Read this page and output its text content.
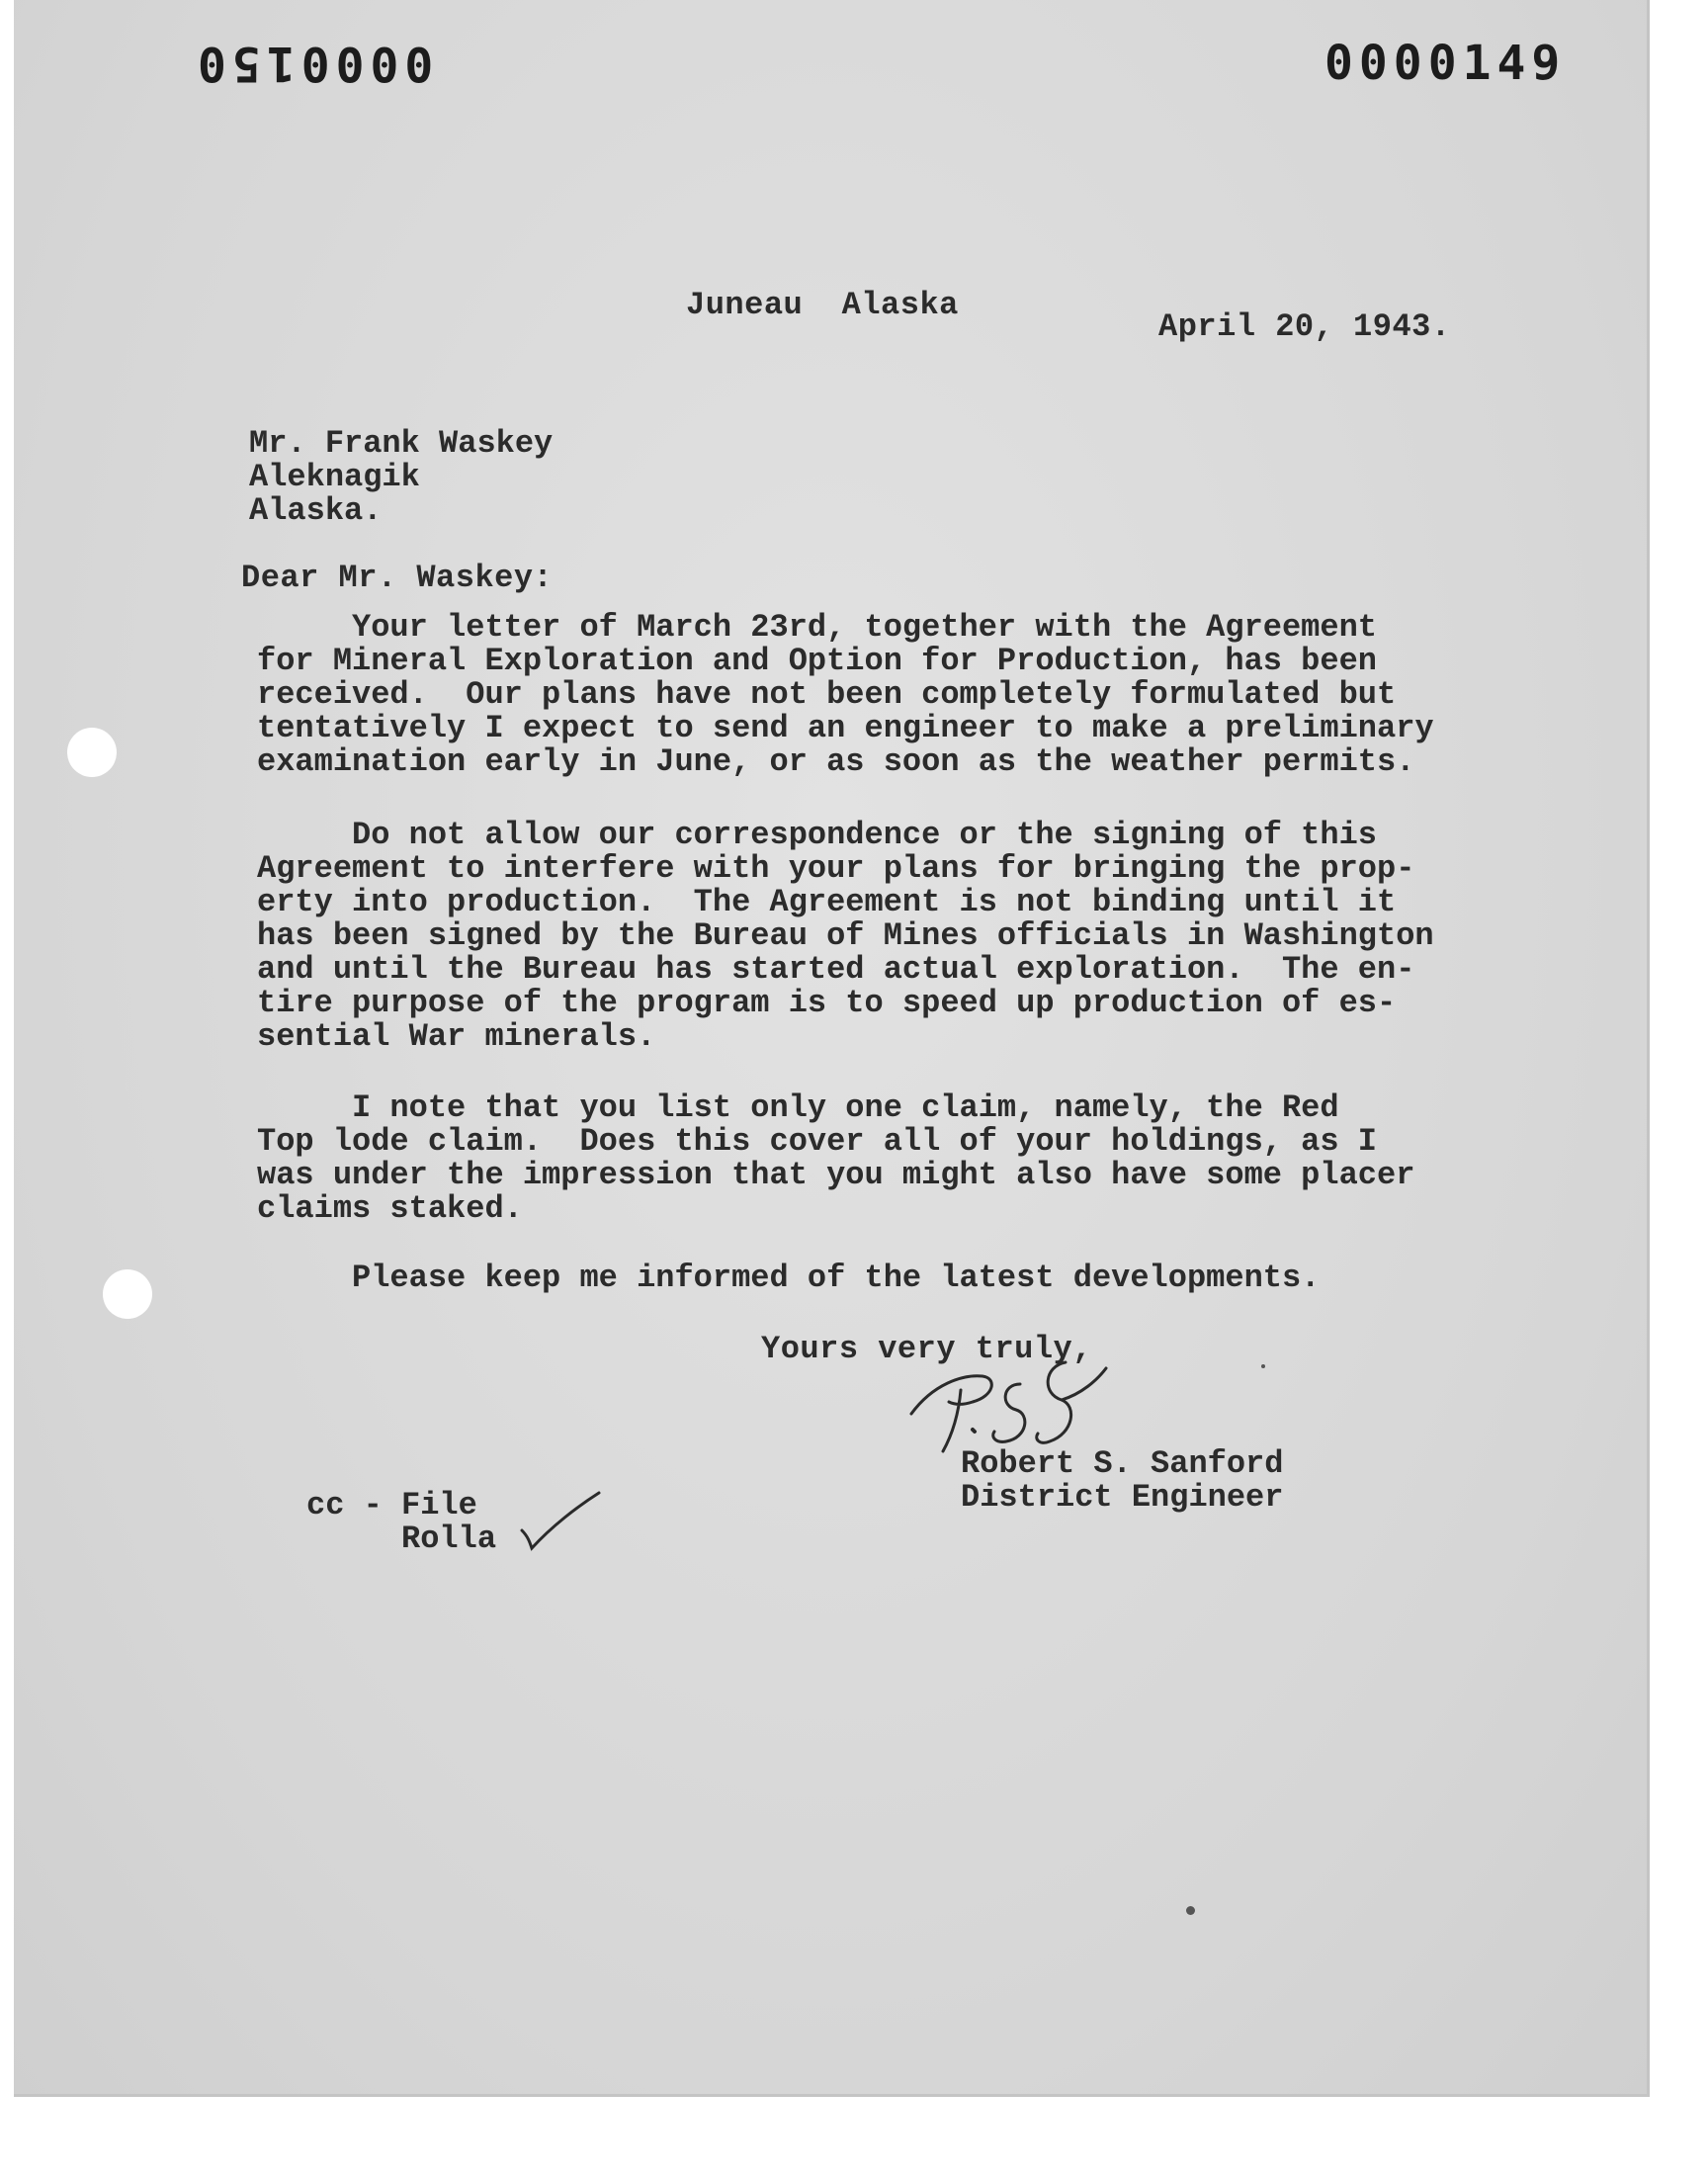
0000150	0000149
Juneau  Alaska
April 20, 1943.
Mr. Frank Waskey
Aleknagik
Alaska.
Dear Mr. Waskey:
Your letter of March 23rd, together with the Agreement
for Mineral Exploration and Option for Production, has been
received.  Our plans have not been completely formulated but
tentatively I expect to send an engineer to make a preliminary
examination early in June, or as soon as the weather permits.
Do not allow our correspondence or the signing of this
Agreement to interfere with your plans for bringing the prop-
erty into production.  The Agreement is not binding until it
has been signed by the Bureau of Mines officials in Washington
and until the Bureau has started actual exploration.  The en-
tire purpose of the program is to speed up production of es-
sential War minerals.
I note that you list only one claim, namely, the Red
Top lode claim.  Does this cover all of your holdings, as I
was under the impression that you might also have some placer
claims staked.
Please keep me informed of the latest developments.
Yours very truly,
Robert S. Sanford
District Engineer
cc - File
Rolla
